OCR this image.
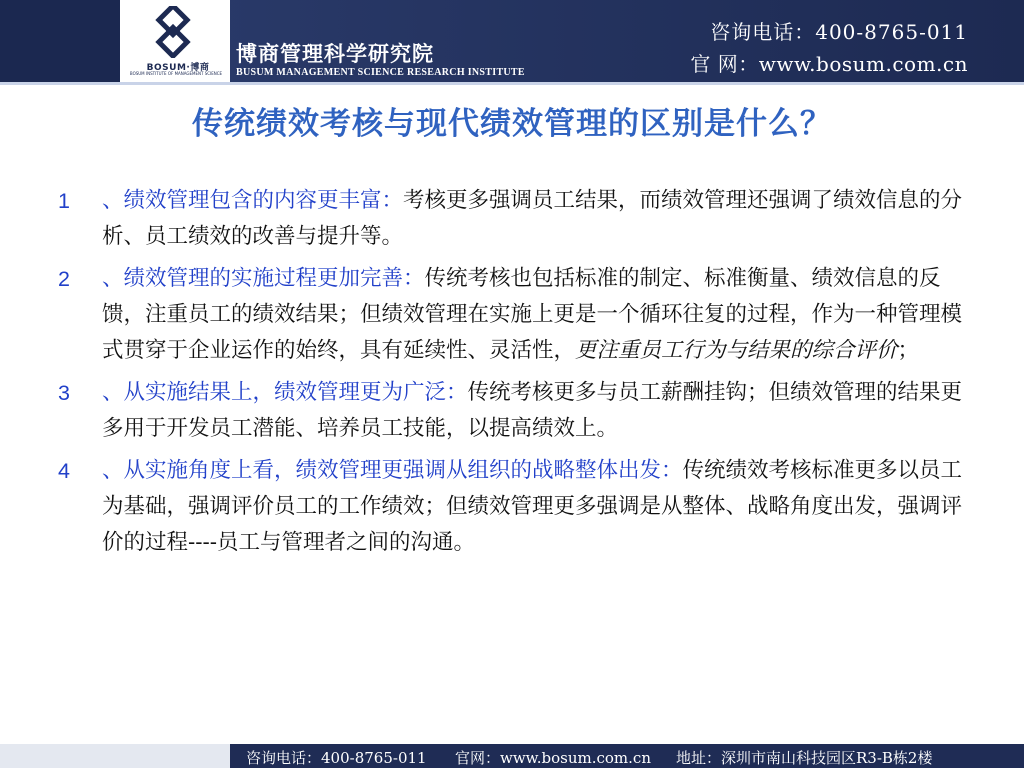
BOSUM·博商
BOSUM INSTITUTE OF MANAGEMENT SCIENCE
博商管理科学研究院
BUSUM MANAGEMENT SCIENCE RESEARCH INSTITUTE
咨询电话：400-8765-011
官 网：www.bosum.com.cn
传统绩效考核与现代绩效管理的区别是什么？
1 、绩效管理包含的内容更丰富：考核更多强调员工结果，而绩效管理还强调了绩效信息的分析、员工绩效的改善与提升等。
2 、绩效管理的实施过程更加完善：传统考核也包括标准的制定、标准衡量、绩效信息的反馈，注重员工的绩效结果；但绩效管理在实施上更是一个循环往复的过程，作为一种管理模式贯穿于企业运作的始终，具有延续性、灵活性，更注重员工行为与结果的综合评价；
3 、从实施结果上，绩效管理更为广泛：传统考核更多与员工薪酬挂钩；但绩效管理的结果更多用于开发员工潜能、培养员工技能，以提高绩效上。
4 、从实施角度上看，绩效管理更强调从组织的战略整体出发：传统绩效考核标准更多以员工为基础，强调评价员工的工作绩效；但绩效管理更多强调是从整体、战略角度出发，强调评价的过程----员工与管理者之间的沟通。
咨询电话：400-8765-011 官网：www.bosum.com.cn 地址：深圳市南山科技园区R3-B栋2楼
